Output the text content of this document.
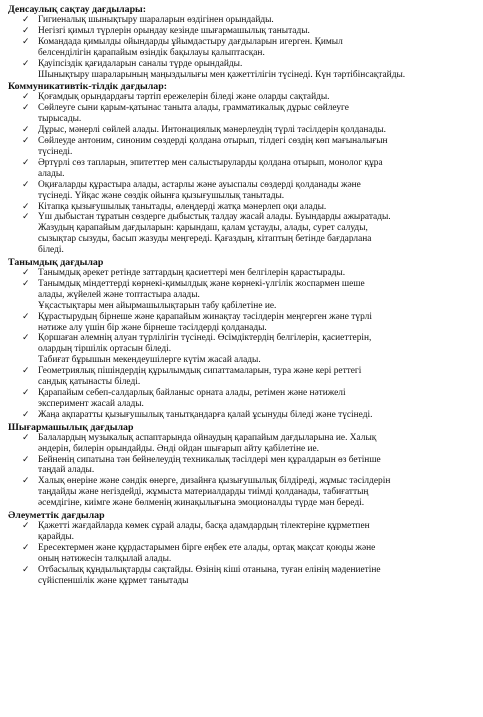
Денсаулық сақтау дағдылары:
✓ Гигиеналық шынықтыру шараларын өздігінен орындайды.
✓ Негізгі қимыл түрлерін орындау кезінде шығармашылық танытады.
✓ Командада қимылды ойындарды ұйымдастыру дағдыларын игерген. Қимыл
белсенділігін қарапайым өзіндік бақылауы қалыптасқан.
✓ Қауіпсіздік қағидаларын саналы түрде орындайды.
Шынықтыру шараларының маңыздылығы мен қажеттілігін түсінеді. Күн тәртібінсақтайды.
Коммуникативтік-тілдік дағдылар:
✓ Қоғамдық орындардағы тәртіп ережелерін біледі және оларды сақтайды.
✓ Сөйлеуге сыни қарым-қатынас таныта алады, грамматикалық дұрыс сөйлеуге
тырысады.
✓ Дұрыс, мәнерлі сөйлей алады. Интонациялық мәнерлеудің түрлі тәсілдерін қолданады.
✓ Сөйлеуде антоним, синоним сөздерді қолдана отырып, тілдегі сөздің көп мағыналығын
түсінеді.
✓ Әртүрлі сөз тапларын, эпитеттер мен салыстыруларды қолдана отырып, монолог құра
алады.
✓ Оқиғаларды құрастыра алады, астарлы және ауыспалы сөздерді қолданады және
түсінеді. Үйқас және сөздік ойынға қызығушылық танытады.
✓ Кітапқа қызығушылық танытады, өлеңдерді жатқа мәнерлеп оқи алады.
✓ Үш дыбыстан тұратын сөздерге дыбыстық талдау жасай алады. Буындарды ажыратады.
Жазудың қарапайым дағдыларын: қарындаш, қалам ұстауды, алады, сурет салуды,
сызықтар сызуды, басып жазуды меңгереді. Қағаздың, кітаптың бетінде бағдарлана
біледі.
Танымдық дағдылар
✓ Танымдық әрекет ретінде заттардың қасиеттері мен белгілерін қарастырады.
✓ Танымдық міндеттерді көрнекі-қимылдық және көрнекі-үлгілік жоспармен шеше
алады, жүйелей және топтастыра алады.
Ұқсастықтары мен айырмашылықтарын табу қабілетіне ие.
✓ Құрастырудың бірнеше және қарапайым жинақтау тәсілдерін меңгерген және түрлі
нәтиже алу үшін бір және бірнеше тәсілдерді қолданады.
✓ Қоршаған әлемнің алуан түрлілігін түсінеді. Өсімдіктердің белгілерін, қасиеттерін,
олардың тіршілік ортасын біледі.
Табиғат бұрышын мекендеушілерге күтім жасай алады.
✓ Геометриялық пішіндердің құрылымдық сипаттамаларын, тура және кері реттегі
сандық қатынасты біледі.
✓ Қарапайым себеп-салдарлық байланыс орната алады, ретімен және нәтижелі
эксперимент жасай алады.
✓ Жаңа ақпаратты қызығушылық танытқандарға қалай ұсынуды біледі және түсінеді.
Шығармашылық дағдылар
✓ Балалардың музыкалық аспаптарында ойнаудың қарапайым дағдыларына ие. Халық
әндерін, билерін орындайды. Әнді ойдан шығарып айту қабілетіне ие.
✓ Бейненің сипатына тән бейнелеудің техникалық тәсілдері мен құралдарын өз бетінше
таңдай алады.
✓ Халық өнеріне және сәндік өнерге, дизайнға қызығушылық білдіреді, жұмыс тәсілдерін
таңдайды және негіздейді, жұмыста материалдарды тиімді қолданады, табиғаттың
әсемдігіне, киімге және бөлменің жинақылығына эмоционалды түрде мән береді.
Әлеуметтік дағдылар
✓ Қажетті жағдайларда көмек сұрай алады, басқа адамдардың тілектеріне құрметпен
қарайды.
✓ Ересектермен және құрдастарымен бірге еңбек ете алады, ортақ мақсат қоюды және
оның нәтижесін талқылай алады.
✓ Отбасылық құндылықтарды сақтайды. Өзінің кіші отанына, туған елінің мәдениетіне
сүйіспеншілік және құрмет танытады
